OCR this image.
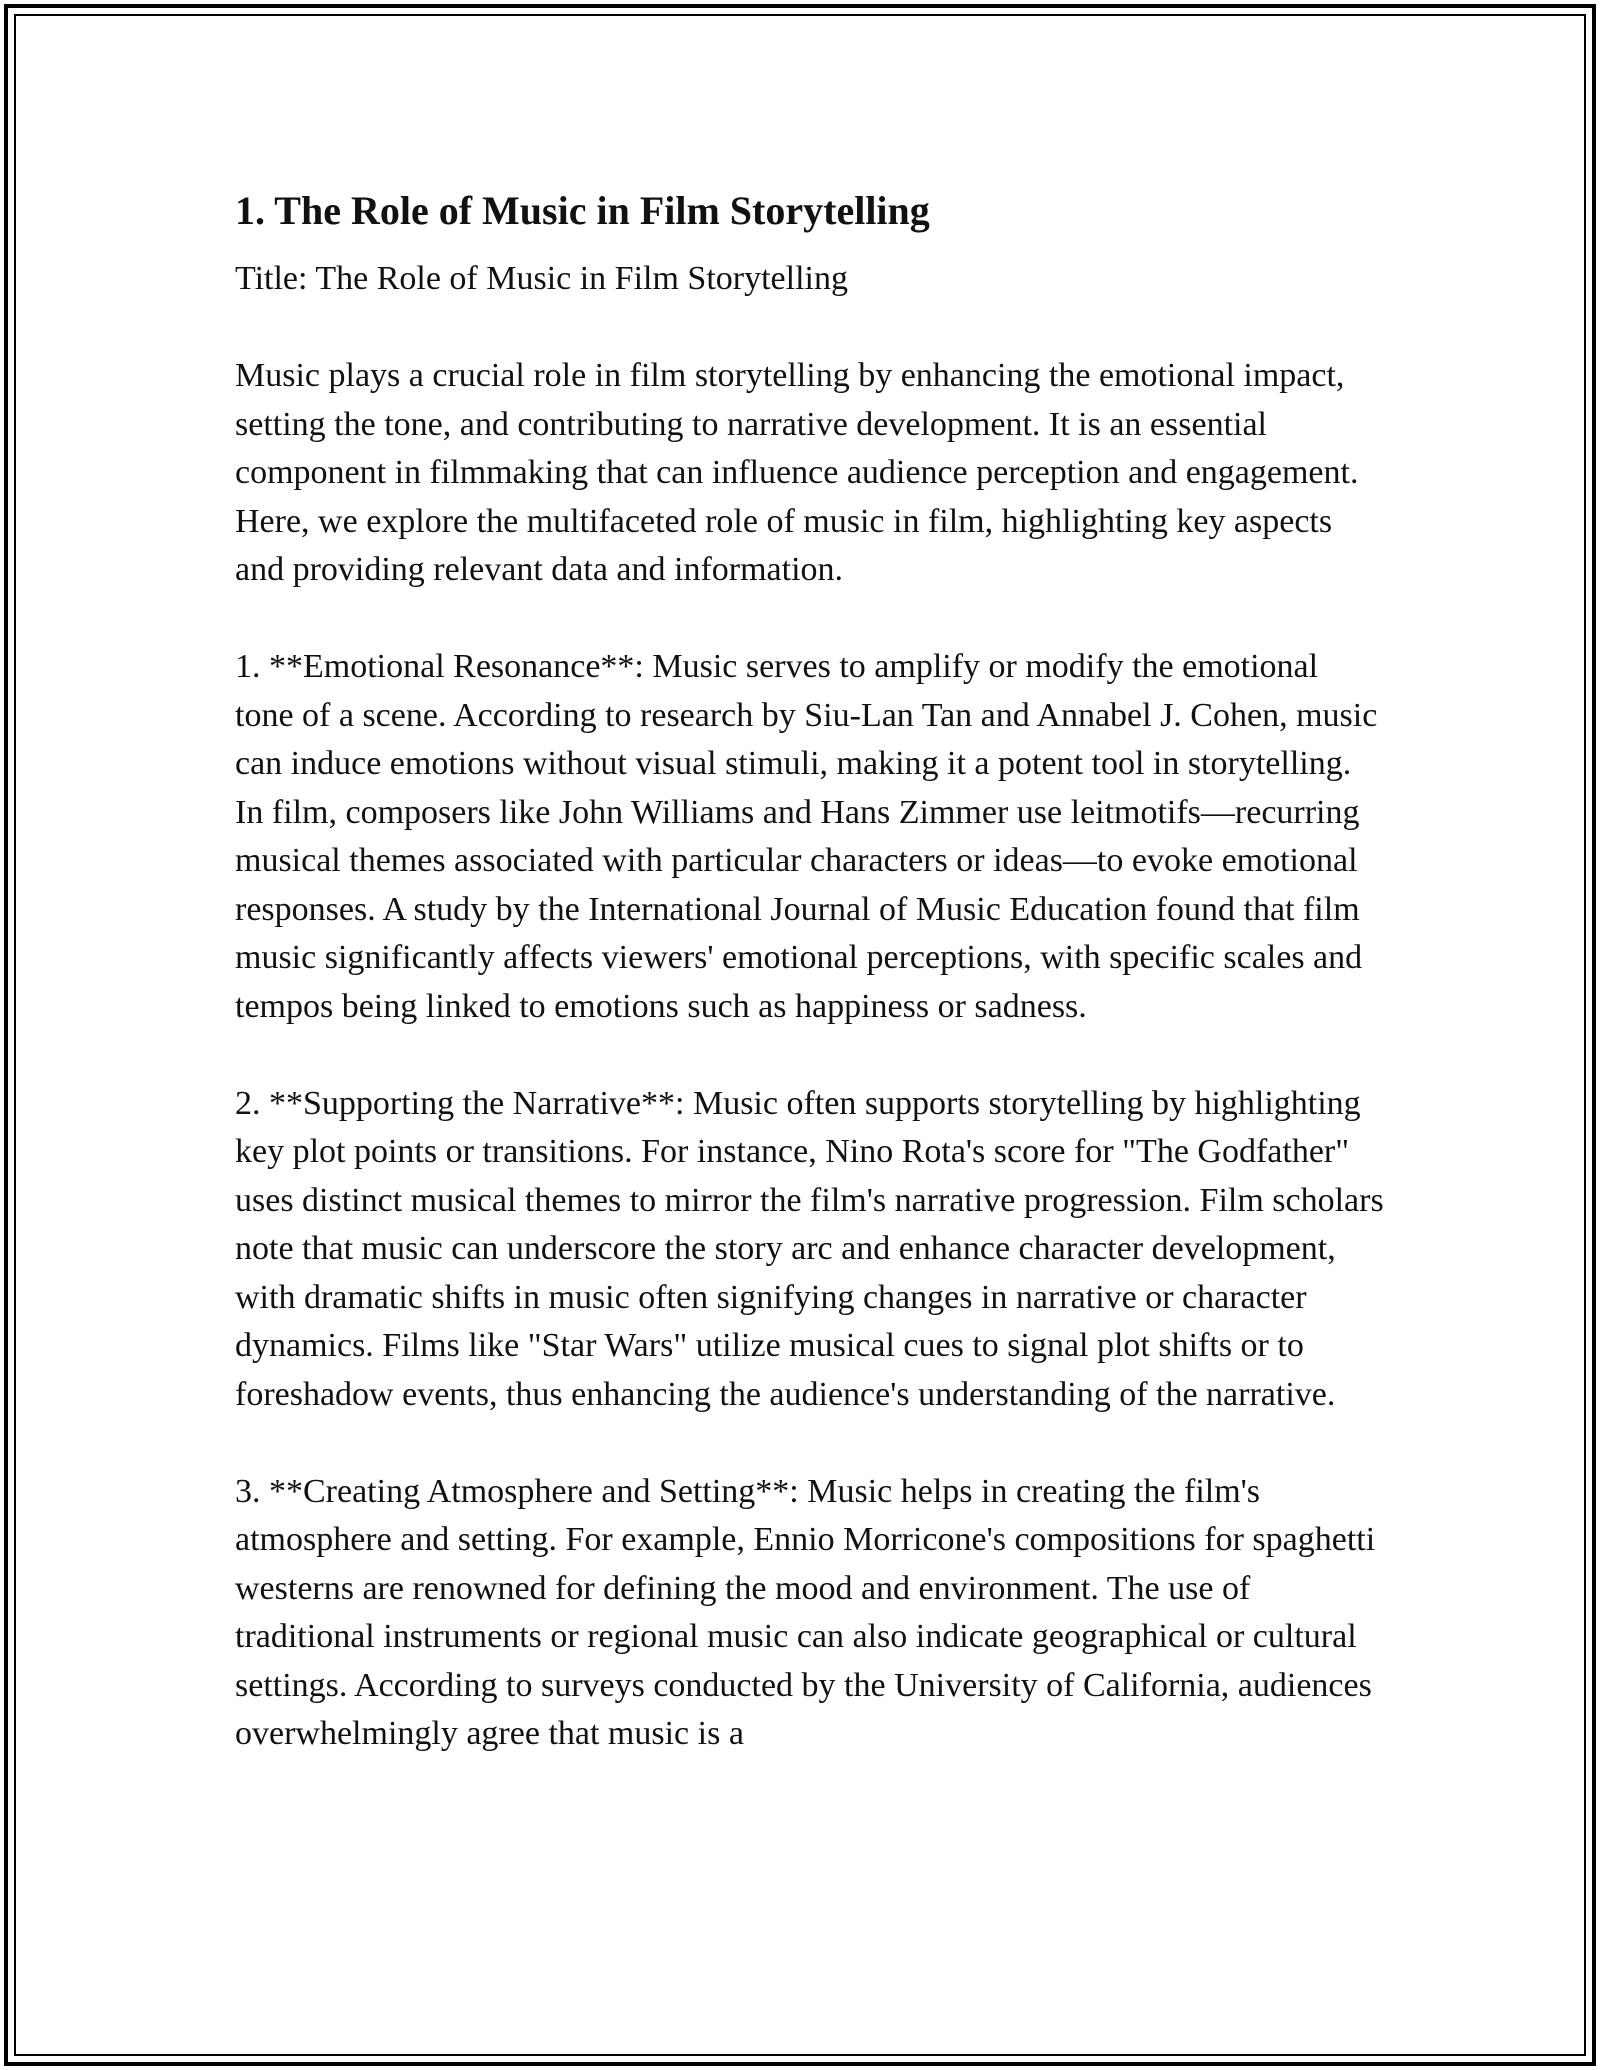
1. The Role of Music in Film Storytelling

Title: The Role of Music in Film Storytelling

Music plays a crucial role in film storytelling by enhancing the emotional impact, setting the tone, and contributing to narrative development. It is an essential component in filmmaking that can influence audience perception and engagement. Here, we explore the multifaceted role of music in film, highlighting key aspects and providing relevant data and information.

1. **Emotional Resonance**: Music serves to amplify or modify the emotional tone of a scene. According to research by Siu-Lan Tan and Annabel J. Cohen, music can induce emotions without visual stimuli, making it a potent tool in storytelling. In film, composers like John Williams and Hans Zimmer use leitmotifs—recurring musical themes associated with particular characters or ideas—to evoke emotional responses. A study by the International Journal of Music Education found that film music significantly affects viewers' emotional perceptions, with specific scales and tempos being linked to emotions such as happiness or sadness.

2. **Supporting the Narrative**: Music often supports storytelling by highlighting key plot points or transitions. For instance, Nino Rota's score for "The Godfather" uses distinct musical themes to mirror the film's narrative progression. Film scholars note that music can underscore the story arc and enhance character development, with dramatic shifts in music often signifying changes in narrative or character dynamics. Films like "Star Wars" utilize musical cues to signal plot shifts or to foreshadow events, thus enhancing the audience's understanding of the narrative.

3. **Creating Atmosphere and Setting**: Music helps in creating the film's atmosphere and setting. For example, Ennio Morricone's compositions for spaghetti westerns are renowned for defining the mood and environment. The use of traditional instruments or regional music can also indicate geographical or cultural settings. According to surveys conducted by the University of California, audiences overwhelmingly agree that music is a
